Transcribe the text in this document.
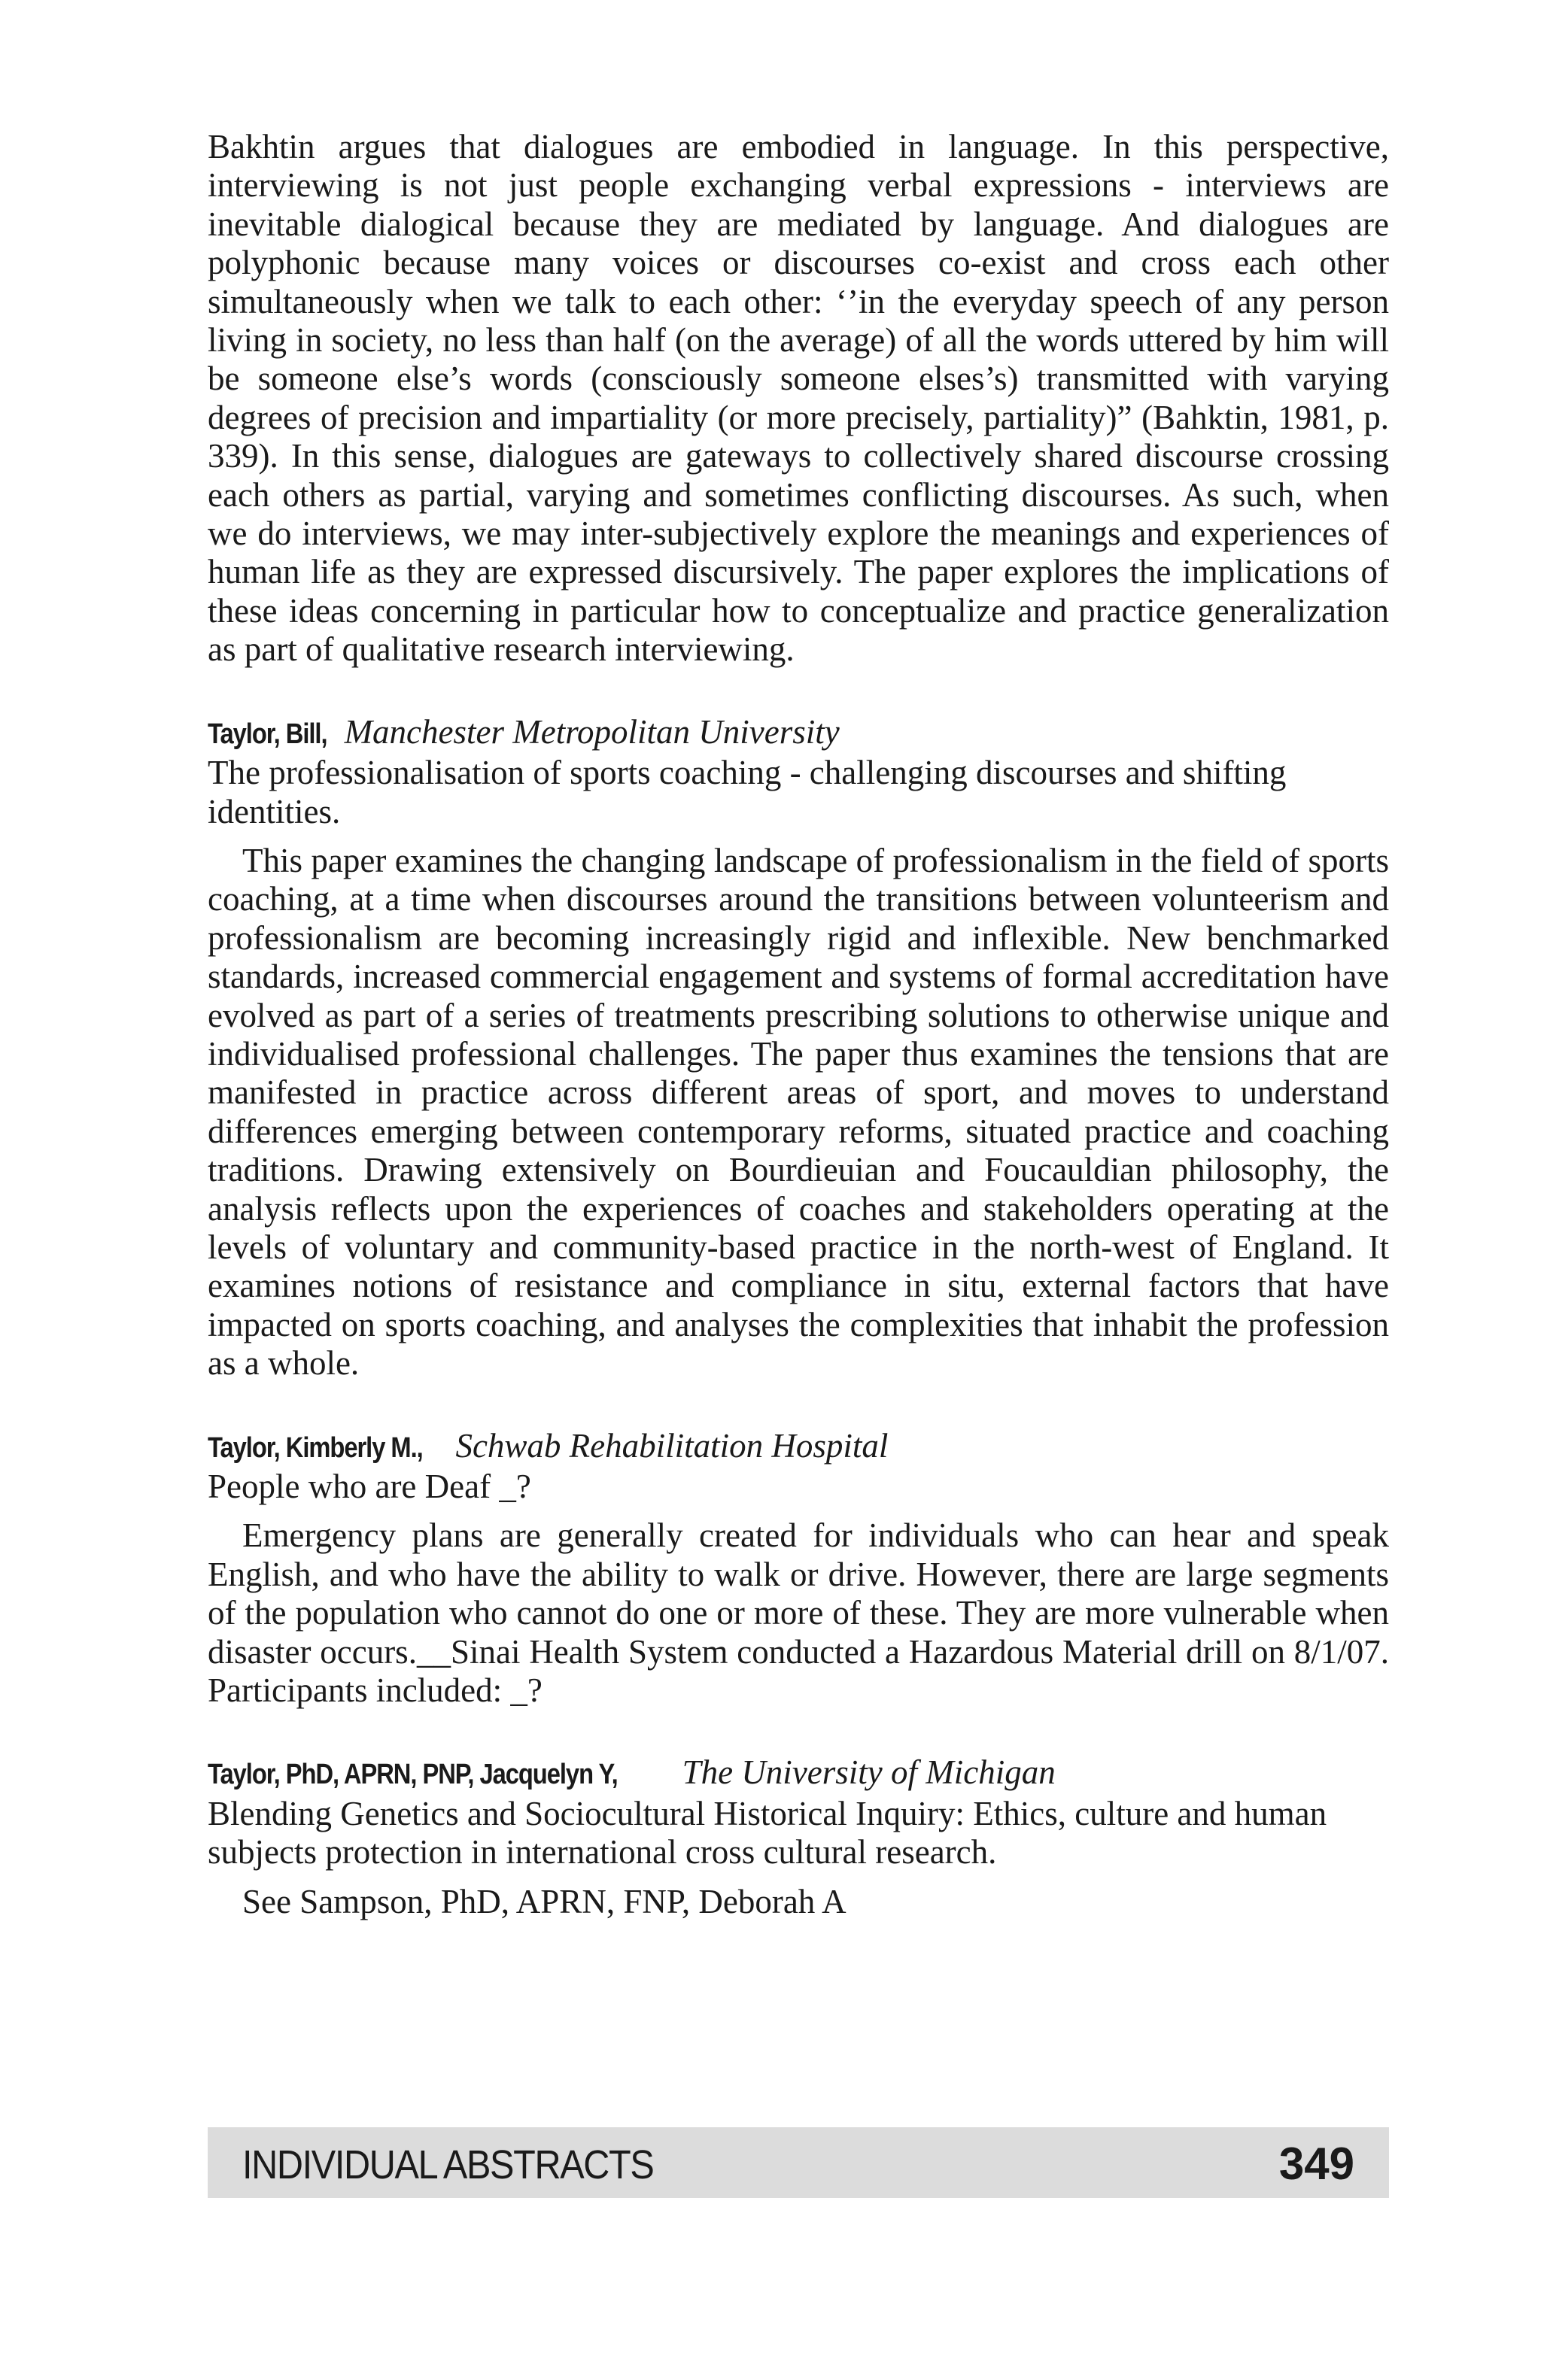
Bakhtin argues that dialogues are embodied in language. In this perspective, interviewing is not just people exchanging verbal expressions - interviews are inevitable dialogical because they are mediated by language. And dialogues are polyphonic because many voices or discourses co-exist and cross each other simultaneously when we talk to each other: ‘’in the everyday speech of any person living in society, no less than half (on the average) of all the words uttered by him will be someone else’s words (consciously someone elses’s) transmitted with varying degrees of precision and impartiality (or more precisely, partiality)” (Bahktin, 1981, p. 339). In this sense, dialogues are gateways to collectively shared discourse crossing each others as partial, varying and sometimes conflicting discourses. As such, when we do interviews, we may inter-subjectively explore the meanings and experiences of human life as they are expressed discursively. The paper explores the implications of these ideas concerning in particular how to conceptualize and practice generalization as part of qualitative research interviewing.

Taylor, Bill, Manchester Metropolitan University

The professionalisation of sports coaching - challenging discourses and shifting identities.

This paper examines the changing landscape of professionalism in the field of sports coaching, at a time when discourses around the transitions between volunteerism and professionalism are becoming increasingly rigid and inflexible. New benchmarked standards, increased commercial engagement and systems of formal accreditation have evolved as part of a series of treatments prescribing solutions to otherwise unique and individualised professional challenges. The paper thus examines the tensions that are manifested in practice across different areas of sport, and moves to understand differences emerging between contemporary reforms, situated practice and coaching traditions. Drawing extensively on Bourdieuian and Foucauldian philosophy, the analysis reflects upon the experiences of coaches and stakeholders operating at the levels of voluntary and community-based practice in the north-west of England. It examines notions of resistance and compliance in situ, external factors that have impacted on sports coaching, and analyses the complexities that inhabit the profession as a whole.

Taylor, Kimberly M., Schwab Rehabilitation Hospital

People who are Deaf _?

Emergency plans are generally created for individuals who can hear and speak English, and who have the ability to walk or drive. However, there are large segments of the population who cannot do one or more of these. They are more vulnerable when disaster occurs.__Sinai Health System conducted a Hazardous Material drill on 8/1/07. Participants included: _?

Taylor, PhD, APRN, PNP, Jacquelyn Y, The University of Michigan

Blending Genetics and Sociocultural Historical Inquiry: Ethics, culture and human subjects protection in international cross cultural research.

See Sampson, PhD, APRN, FNP, Deborah A

INDIVIDUAL ABSTRACTS	349
